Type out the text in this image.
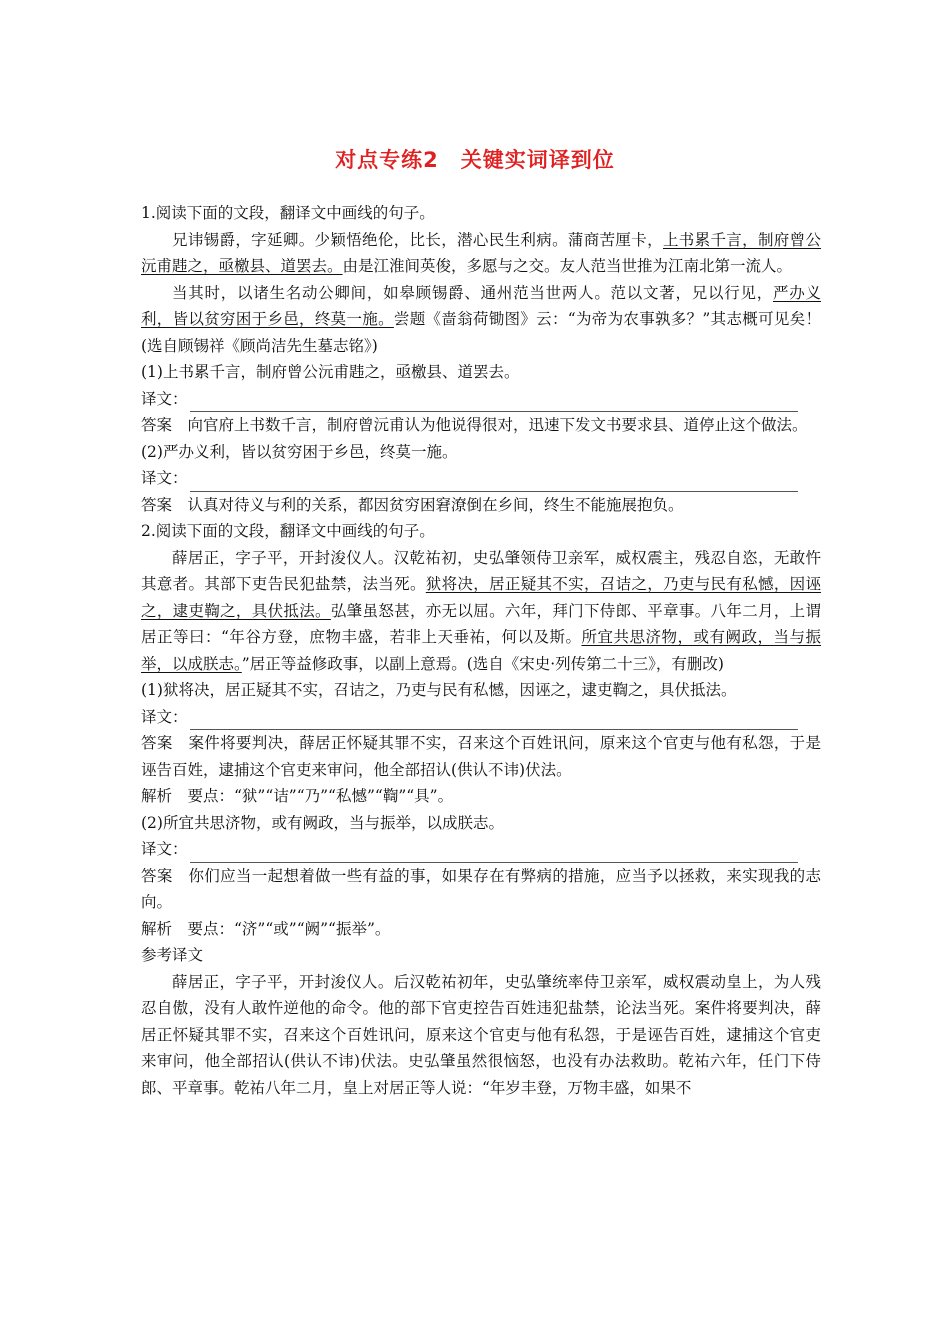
对点专练2　关键实词译到位

1.阅读下面的文段，翻译文中画线的句子。

兄讳锡爵，字延卿。少颖悟绝伦，比长，潜心民生利病。蒲商苦厘卡，上书累千言，制府曾公沅甫韪之，亟檄县、道罢去。由是江淮间英俊，多愿与之交。友人范当世推为江南北第一流人。

当其时，以诸生名动公卿间，如皋顾锡爵、通州范当世两人。范以文著，兄以行见，严办义利，皆以贫穷困于乡邑，终莫一施。尝题《啬翁荷锄图》云：“为帝为农事孰多？”其志概可见矣！(选自顾锡祥《顾尚洁先生墓志铭》)

(1)上书累千言，制府曾公沅甫韪之，亟檄县、道罢去。

译文：

答案　向官府上书数千言，制府曾沅甫认为他说得很对，迅速下发文书要求县、道停止这个做法。

(2)严办义利，皆以贫穷困于乡邑，终莫一施。

译文：

答案　认真对待义与利的关系，都因贫穷困窘潦倒在乡间，终生不能施展抱负。

2.阅读下面的文段，翻译文中画线的句子。

薛居正，字子平，开封浚仪人。汉乾祐初，史弘肇领侍卫亲军，威权震主，残忍自恣，无敢忤其意者。其部下吏告民犯盐禁，法当死。狱将决，居正疑其不实，召诘之，乃吏与民有私憾，因诬之，逮吏鞫之，具伏抵法。弘肇虽怒甚，亦无以屈。六年，拜门下侍郎、平章事。八年二月，上谓居正等曰：“年谷方登，庶物丰盛，若非上天垂祐，何以及斯。所宜共思济物，或有阙政，当与振举，以成朕志。”居正等益修政事，以副上意焉。(选自《宋史·列传第二十三》，有删改)

(1)狱将决，居正疑其不实，召诘之，乃吏与民有私憾，因诬之，逮吏鞫之，具伏抵法。

译文：

答案　案件将要判决，薛居正怀疑其罪不实，召来这个百姓讯问，原来这个官吏与他有私怨，于是诬告百姓，逮捕这个官吏来审问，他全部招认(供认不讳)伏法。

解析　要点：“狱”“诘”“乃”“私憾”“鞫”“具”。

(2)所宜共思济物，或有阙政，当与振举，以成朕志。

译文：

答案　你们应当一起想着做一些有益的事，如果存在有弊病的措施，应当予以拯救，来实现我的志向。

解析　要点：“济”“或”“阙”“振举”。

参考译文

薛居正，字子平，开封浚仪人。后汉乾祐初年，史弘肇统率侍卫亲军，威权震动皇上，为人残忍自傲，没有人敢忤逆他的命令。他的部下官吏控告百姓违犯盐禁，论法当死。案件将要判决，薛居正怀疑其罪不实，召来这个百姓讯问，原来这个官吏与他有私怨，于是诬告百姓，逮捕这个官吏来审问，他全部招认(供认不讳)伏法。史弘肇虽然很恼怒，也没有办法救助。乾祐六年，任门下侍郎、平章事。乾祐八年二月，皇上对居正等人说：“年岁丰登，万物丰盛，如果不
